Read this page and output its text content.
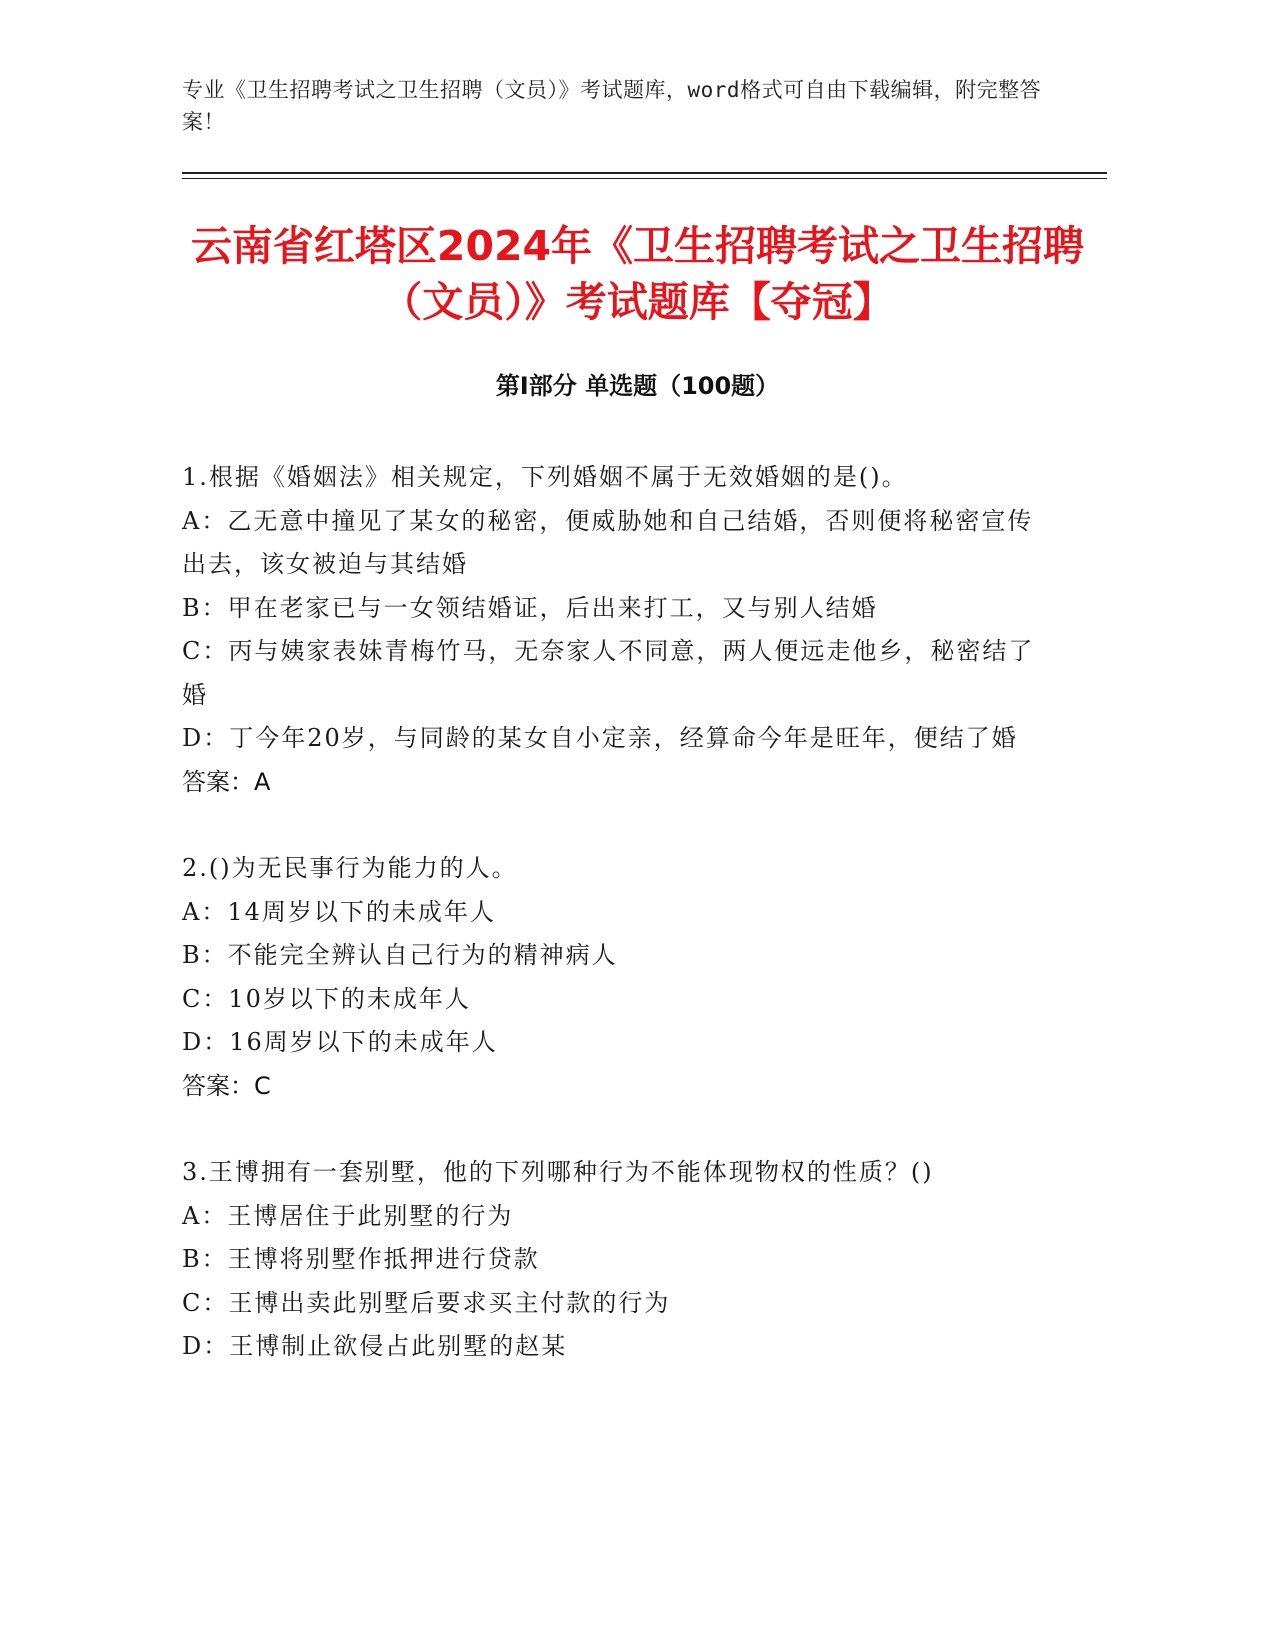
专业《卫生招聘考试之卫生招聘（文员）》考试题库，word格式可自由下载编辑，附完整答案！
云南省红塔区2024年《卫生招聘考试之卫生招聘（文员）》考试题库【夺冠】
第Ⅰ部分 单选题（100题）
1.根据《婚姻法》相关规定，下列婚姻不属于无效婚姻的是()。
A：乙无意中撞见了某女的秘密，便威胁她和自己结婚，否则便将秘密宣传出去，该女被迫与其结婚
B：甲在老家已与一女领结婚证，后出来打工，又与别人结婚
C：丙与姨家表妹青梅竹马，无奈家人不同意，两人便远走他乡，秘密结了婚
D：丁今年20岁，与同龄的某女自小定亲，经算命今年是旺年，便结了婚
答案：A
2.()为无民事行为能力的人。
A：14周岁以下的未成年人
B：不能完全辨认自己行为的精神病人
C：10岁以下的未成年人
D：16周岁以下的未成年人
答案：C
3.王博拥有一套别墅，他的下列哪种行为不能体现物权的性质？()
A：王博居住于此别墅的行为
B：王博将别墅作抵押进行贷款
C：王博出卖此别墅后要求买主付款的行为
D：王博制止欲侵占此别墅的赵某
